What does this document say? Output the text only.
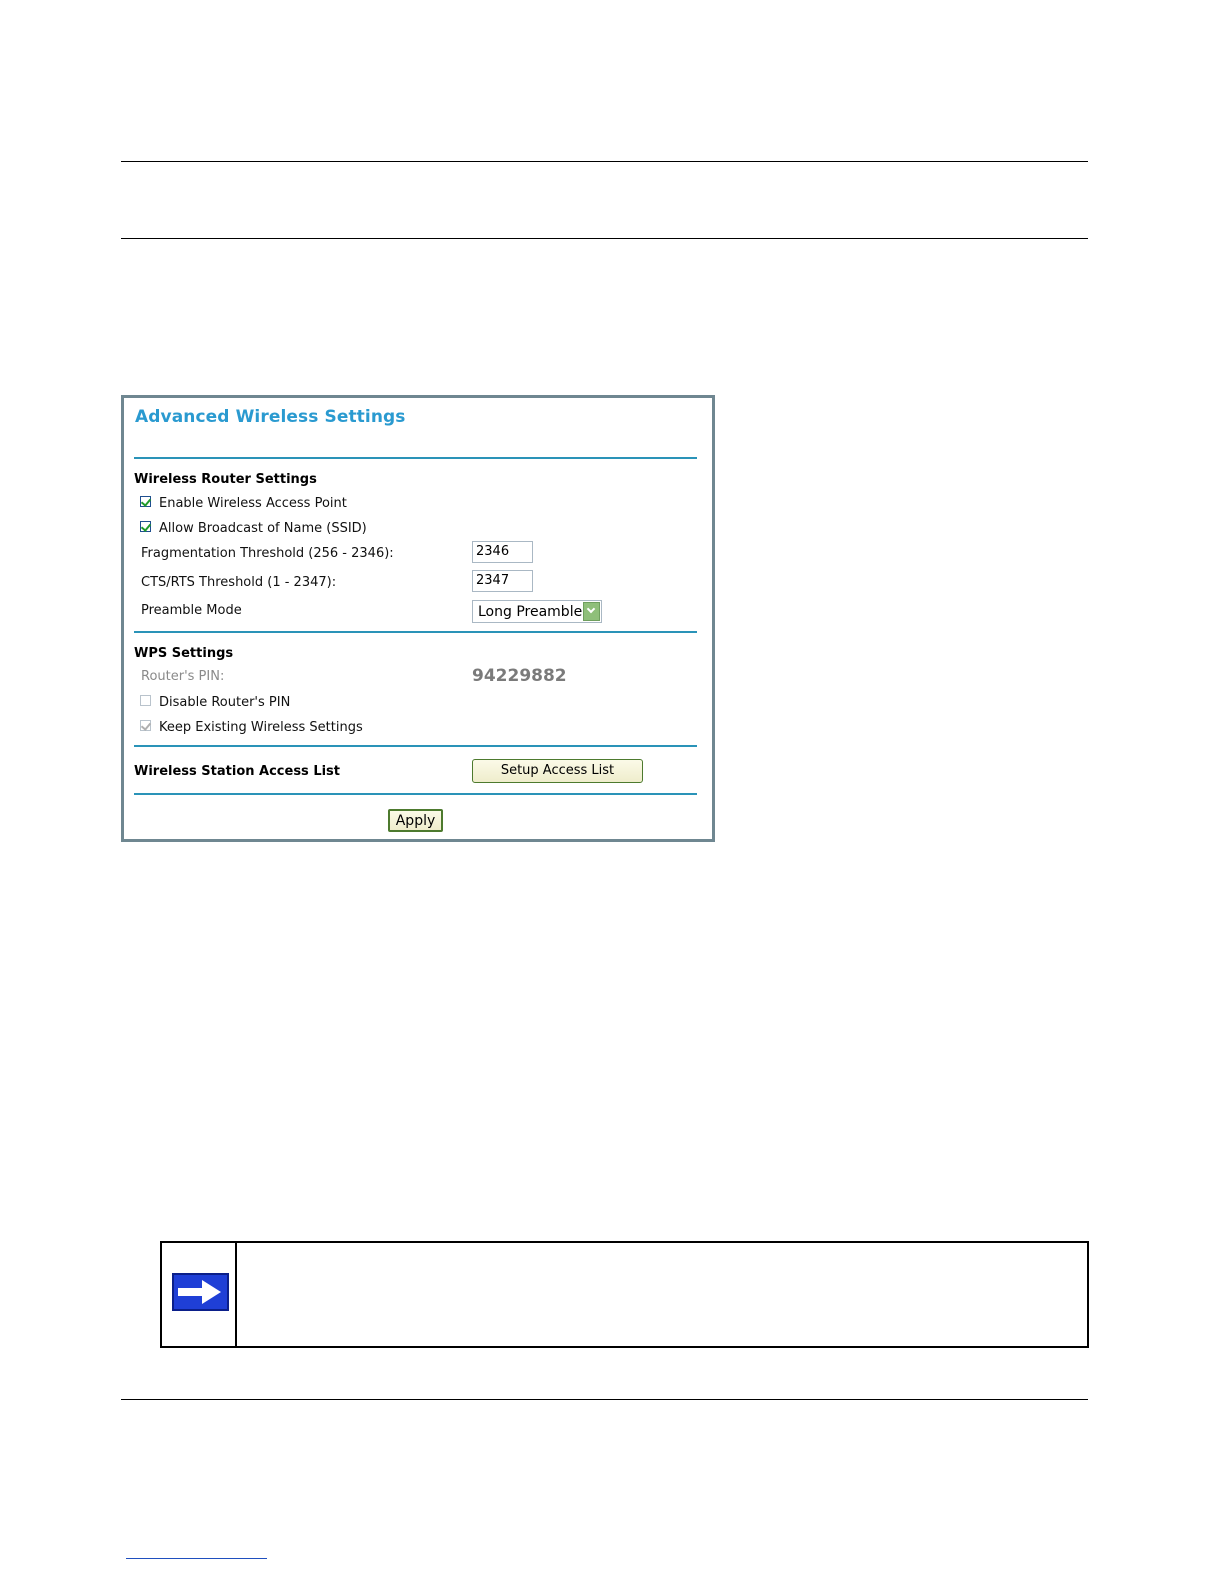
Advanced Wireless Settings
Wireless Router Settings
Enable Wireless Access Point
Allow Broadcast of Name (SSID)
Fragmentation Threshold (256 - 2346):	2346
CTS/RTS Threshold (1 - 2347):	2347
Preamble Mode	Long Preamble
WPS Settings
Router's PIN:	94229882
Disable Router's PIN
Keep Existing Wireless Settings
Wireless Station Access List	Setup Access List
Apply
